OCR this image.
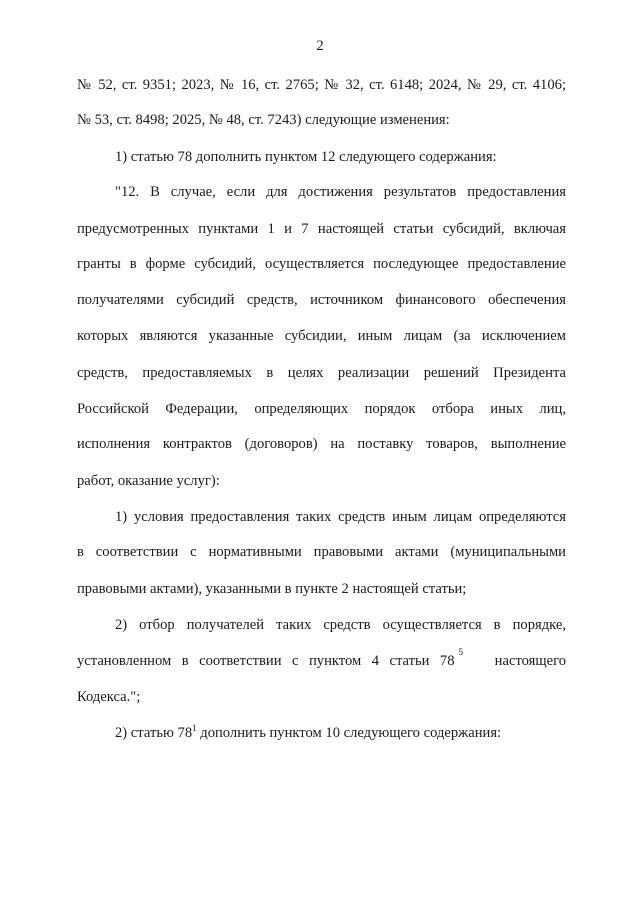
2
№ 52, ст. 9351; 2023, № 16, ст. 2765; № 32, ст. 6148; 2024, № 29, ст. 4106;
№ 53, ст. 8498; 2025, № 48, ст. 7243) следующие изменения:
1) статью 78 дополнить пунктом 12 следующего содержания:
"12. В случае, если для достижения результатов предоставления
предусмотренных пунктами 1 и 7 настоящей статьи субсидий, включая
гранты в форме субсидий, осуществляется последующее предоставление
получателями субсидий средств, источником финансового обеспечения
которых являются указанные субсидии, иным лицам (за исключением
средств, предоставляемых в целях реализации решений Президента
Российской Федерации, определяющих порядок отбора иных лиц,
исполнения контрактов (договоров) на поставку товаров, выполнение
работ, оказание услуг):
1) условия предоставления таких средств иным лицам определяются
в соответствии с нормативными правовыми актами (муниципальными
правовыми актами), указанными в пункте 2 настоящей статьи;
2) отбор получателей таких средств осуществляется в порядке,
установленном в соответствии с пунктом 4 статьи 78
5
настоящего
Кодекса.";
2) статью $78^1$ дополнить пунктом 10 следующего содержания:
